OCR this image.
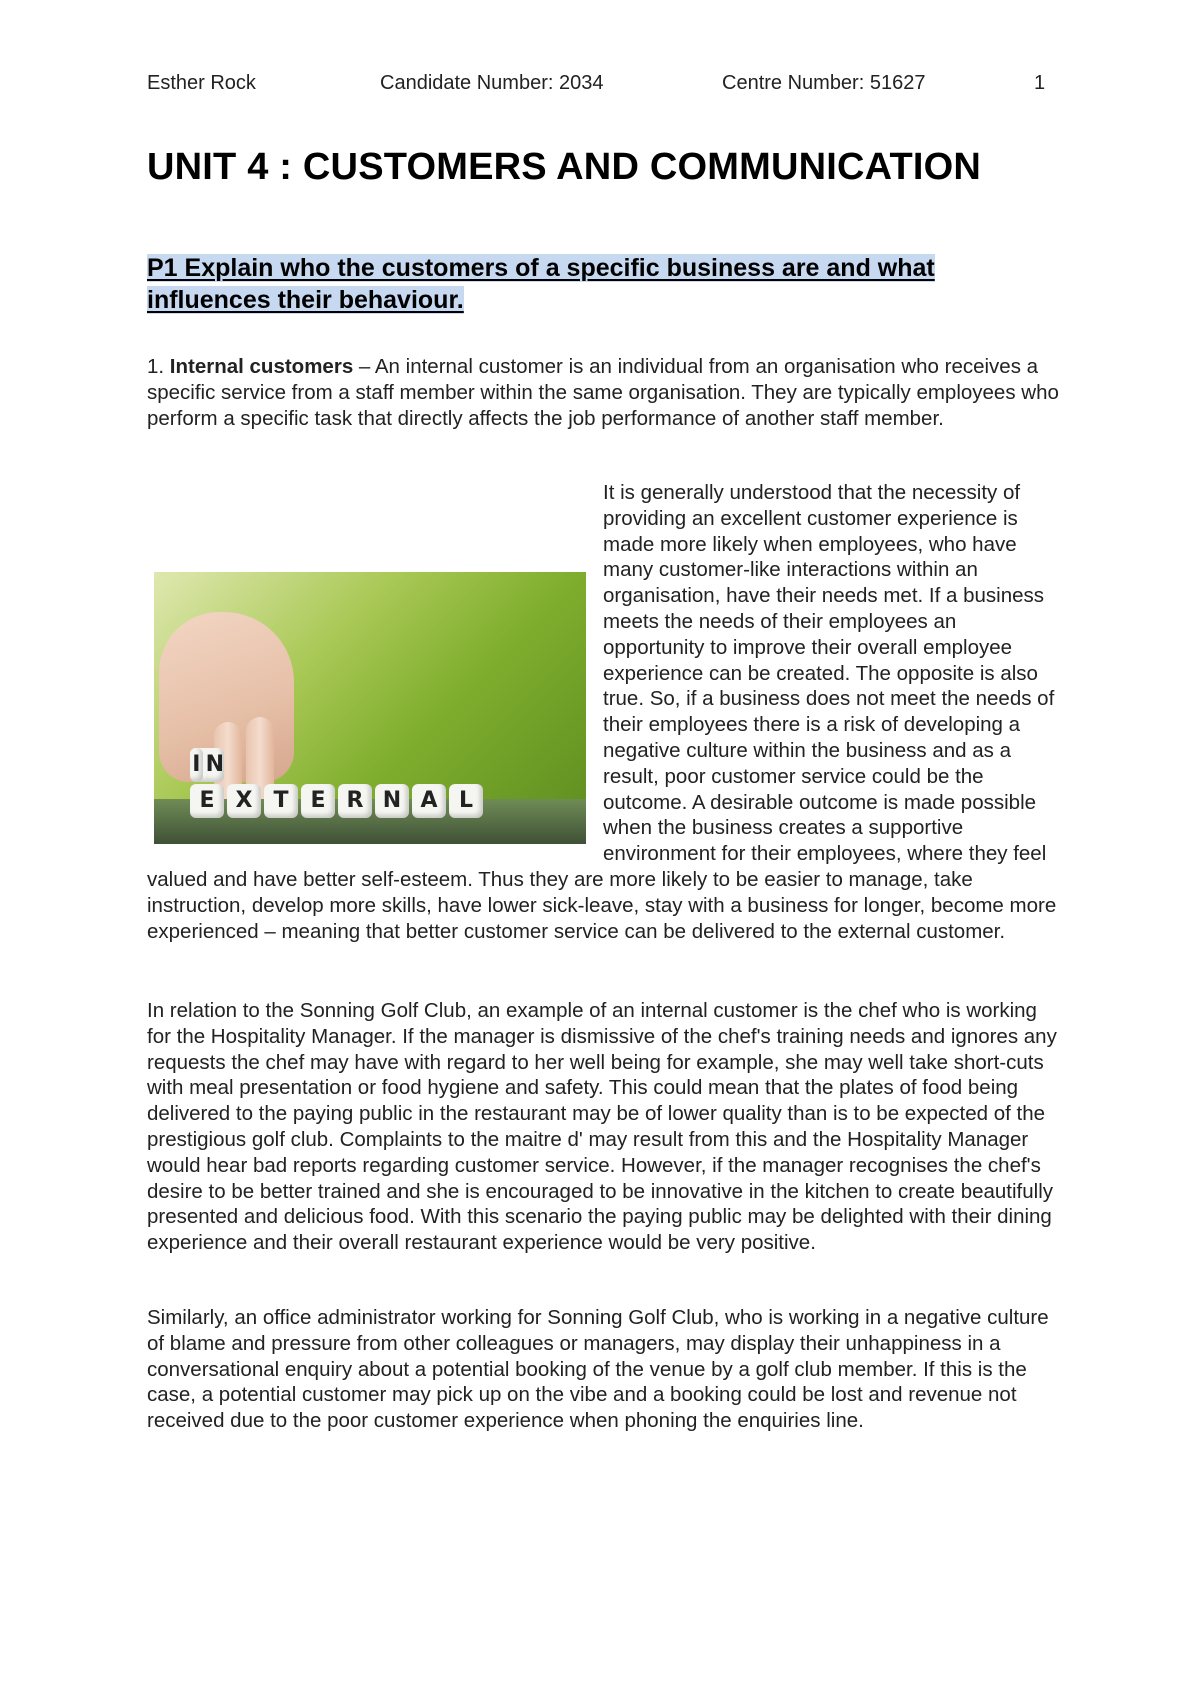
Esther Rock	Candidate Number: 2034	Centre Number: 51627	1
UNIT 4 : CUSTOMERS AND COMMUNICATION
P1 Explain who the customers of a specific business are and what influences their behaviour.

1. Internal customers – An internal customer is an individual from an organisation who receives a specific service from a staff member within the same organisation. They are typically employees who perform a specific task that directly affects the job performance of another staff member.

I N
E X T E R N A L
It is generally understood that the necessity of providing an excellent customer experience is made more likely when employees, who have many customer-like interactions within an organisation, have their needs met. If a business meets the needs of their employees an opportunity to improve their overall employee experience can be created. The opposite is also true. So, if a business does not meet the needs of their employees there is a risk of developing a negative culture within the business and as a result, poor customer service could be the outcome. A desirable outcome is made possible when the business creates a supportive environment for their employees, where they feel valued and have better self-esteem. Thus they are more likely to be easier to manage, take instruction, develop more skills, have lower sick-leave, stay with a business for longer, become more experienced – meaning that better customer service can be delivered to the external customer.

In relation to the Sonning Golf Club, an example of an internal customer is the chef who is working for the Hospitality Manager. If the manager is dismissive of the chef's training needs and ignores any requests the chef may have with regard to her well being for example, she may well take short-cuts with meal presentation or food hygiene and safety. This could mean that the plates of food being delivered to the paying public in the restaurant may be of lower quality than is to be expected of the prestigious golf club. Complaints to the maitre d' may result from this and the Hospitality Manager would hear bad reports regarding customer service. However, if the manager recognises the chef's desire to be better trained and she is encouraged to be innovative in the kitchen to create beautifully presented and delicious food. With this scenario the paying public may be delighted with their dining experience and their overall restaurant experience would be very positive.

Similarly, an office administrator working for Sonning Golf Club, who is working in a negative culture of blame and pressure from other colleagues or managers, may display their unhappiness in a conversational enquiry about a potential booking of the venue by a golf club member. If this is the case, a potential customer may pick up on the vibe and a booking could be lost and revenue not received due to the poor customer experience when phoning the enquiries line.
